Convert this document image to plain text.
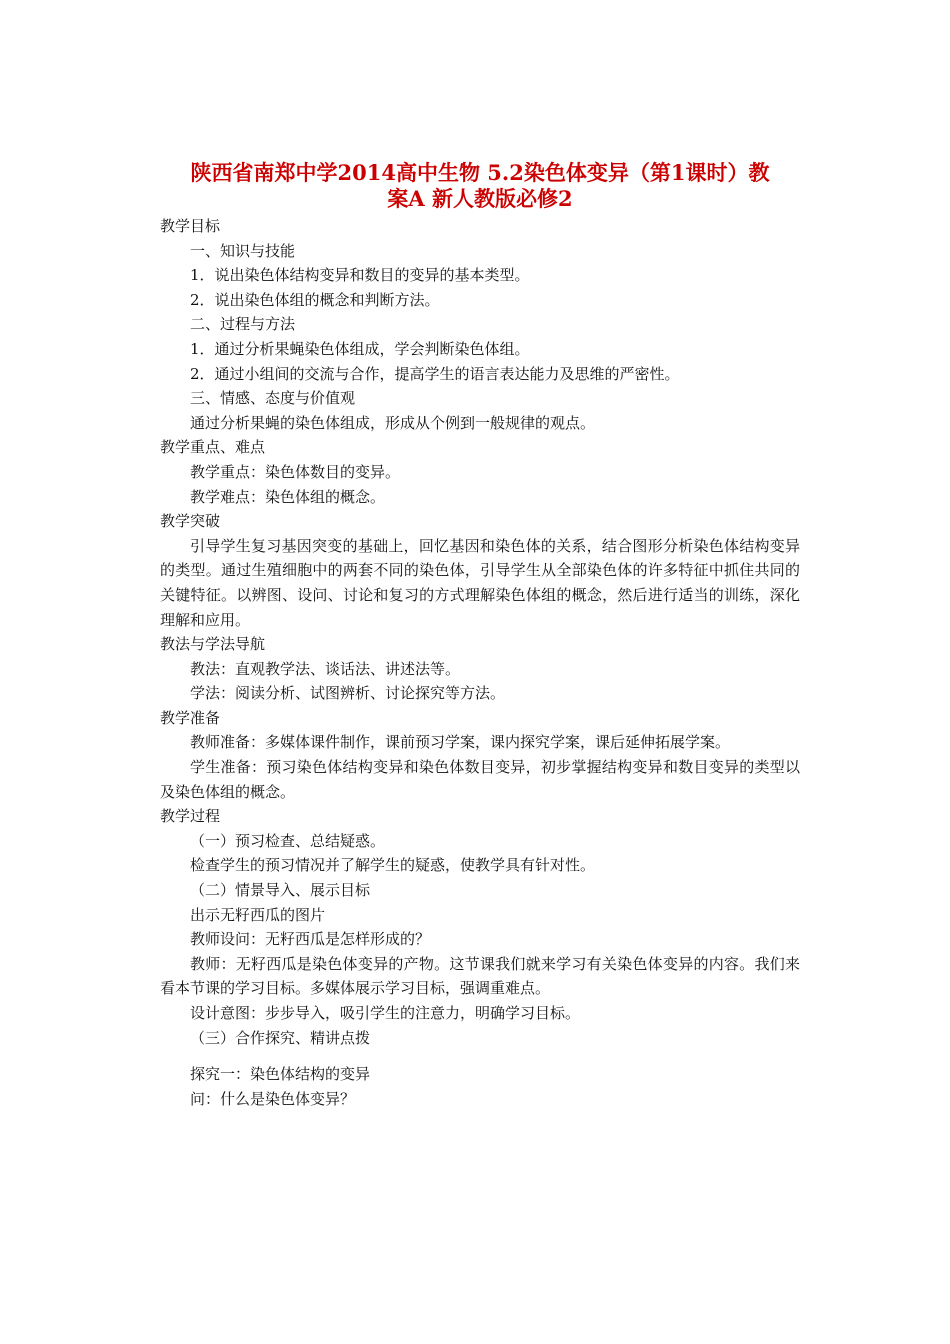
陕西省南郑中学2014高中生物 5.2染色体变异（第1课时）教
案A 新人教版必修2

教学目标

一、知识与技能

1．说出染色体结构变异和数目的变异的基本类型。

2．说出染色体组的概念和判断方法。

二、过程与方法

1．通过分析果蝇染色体组成，学会判断染色体组。

2．通过小组间的交流与合作，提高学生的语言表达能力及思维的严密性。

三、情感、态度与价值观

通过分析果蝇的染色体组成，形成从个例到一般规律的观点。

教学重点、难点

教学重点：染色体数目的变异。

教学难点：染色体组的概念。

教学突破

引导学生复习基因突变的基础上，回忆基因和染色体的关系，结合图形分析染色体结构变异的类型。通过生殖细胞中的两套不同的染色体，引导学生从全部染色体的许多特征中抓住共同的关键特征。以辨图、设问、讨论和复习的方式理解染色体组的概念，然后进行适当的训练，深化理解和应用。

教法与学法导航

教法：直观教学法、谈话法、讲述法等。

学法：阅读分析、试图辨析、讨论探究等方法。

教学准备

教师准备：多媒体课件制作，课前预习学案，课内探究学案，课后延伸拓展学案。

学生准备：预习染色体结构变异和染色体数目变异，初步掌握结构变异和数目变异的类型以及染色体组的概念。

教学过程

（一）预习检查、总结疑惑。

检查学生的预习情况并了解学生的疑惑，使教学具有针对性。

（二）情景导入、展示目标

出示无籽西瓜的图片

教师设问：无籽西瓜是怎样形成的？

教师：无籽西瓜是染色体变异的产物。这节课我们就来学习有关染色体变异的内容。我们来看本节课的学习目标。多媒体展示学习目标，强调重难点。

设计意图：步步导入，吸引学生的注意力，明确学习目标。

（三）合作探究、精讲点拨

探究一：染色体结构的变异

问：什么是染色体变异？
